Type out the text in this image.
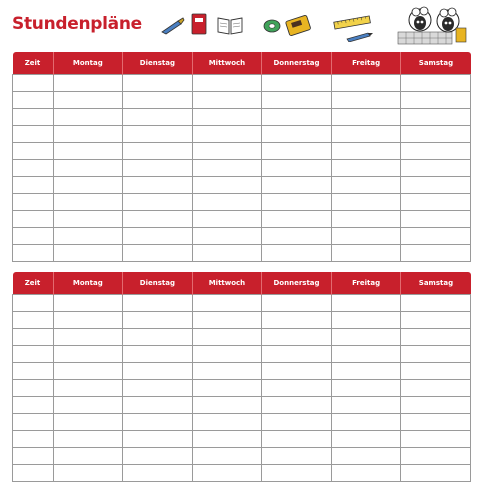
Stundenpläne
Zeit	Montag	Dienstag	Mittwoch	Donnerstag	Freitag	Samstag

Zeit	Montag	Dienstag	Mittwoch	Donnerstag	Freitag	Samstag
